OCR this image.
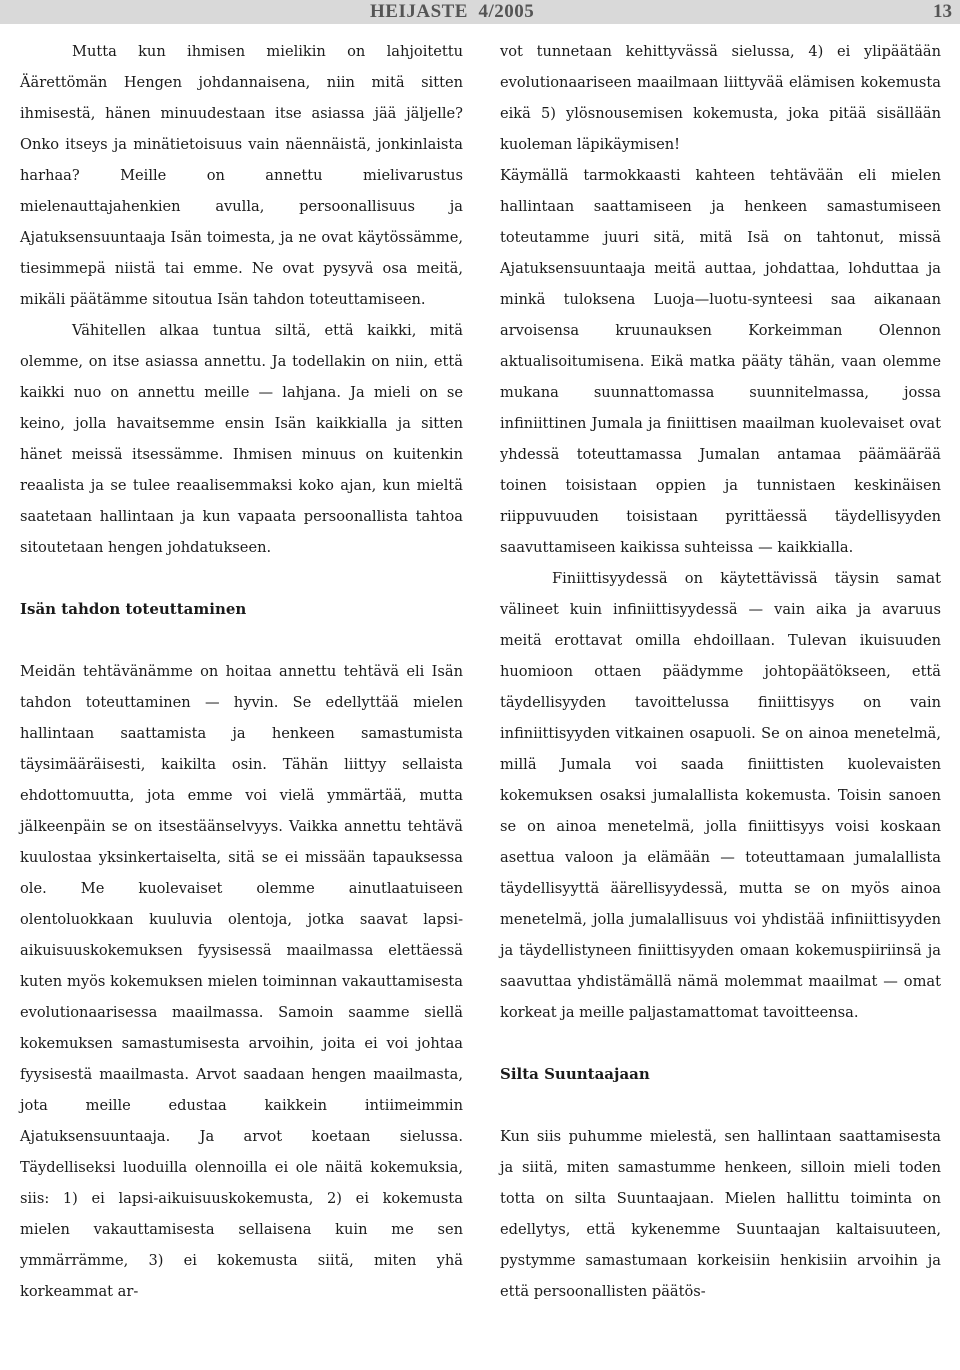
HEIJASTE  4/2005	13

Mutta kun ihmisen mielikin on lahjoitettu Äärettömän Hengen johdannaisena, niin mitä sitten ihmisestä, hänen minuudestaan itse asiassa jää jäljelle? Onko itseys ja minätietoisuus vain näennäistä, jonkinlaista harhaa? Meille on annettu mielivarustus mielenauttajahenkien avulla, persoonallisuus ja Ajatuksensuuntaaja Isän toimesta, ja ne ovat käytössämme, tiesimmepä niistä tai emme. Ne ovat pysyvä osa meitä, mikäli päätämme sitoutua Isän tahdon toteuttamiseen.

Vähitellen alkaa tuntua siltä, että kaikki, mitä olemme, on itse asiassa annettu. Ja todellakin on niin, että kaikki nuo on annettu meille — lahjana. Ja mieli on se keino, jolla havaitsemme ensin Isän kaikkialla ja sitten hänet meissä itsessämme. Ihmisen minuus on kuitenkin reaalista ja se tulee reaalisemmaksi koko ajan, kun mieltä saatetaan hallintaan ja kun vapaata persoonallista tahtoa sitoutetaan hengen johdatukseen.

Isän tahdon toteuttaminen

Meidän tehtävänämme on hoitaa annettu tehtävä eli Isän tahdon toteuttaminen — hyvin. Se edellyttää mielen hallintaan saattamista ja henkeen samastumista täysimääräisesti, kaikilta osin. Tähän liittyy sellaista ehdottomuutta, jota emme voi vielä ymmärtää, mutta jälkeenpäin se on itsestäänselvyys. Vaikka annettu tehtävä kuulostaa yksinkertaiselta, sitä se ei missään tapauksessa ole. Me kuolevaiset olemme ainutlaatuiseen olentoluokkaan kuuluvia olentoja, jotka saavat lapsi-aikuisuuskokemuksen fyysisessä maailmassa elettäessä kuten myös kokemuksen mielen toiminnan vakauttamisesta evolutionaarisessa maailmassa. Samoin saamme siellä kokemuksen samastumisesta arvoihin, joita ei voi johtaa fyysisestä maailmasta. Arvot saadaan hengen maailmasta, jota meille edustaa kaikkein intiimeimmin Ajatuksensuuntaaja. Ja arvot koetaan sielussa. Täydelliseksi luoduilla olennoilla ei ole näitä kokemuksia, siis: 1) ei lapsi-aikuisuuskokemusta, 2) ei kokemusta mielen vakauttamisesta sellaisena kuin me sen ymmärrämme, 3) ei kokemusta siitä, miten yhä korkeammat ar-

vot tunnetaan kehittyvässä sielussa, 4) ei ylipäätään evolutionaariseen maailmaan liittyvää elämisen kokemusta eikä 5) ylösnousemisen kokemusta, joka pitää sisällään kuoleman läpikäymisen!

Käymällä tarmokkaasti kahteen tehtävään eli mielen hallintaan saattamiseen ja henkeen samastumiseen toteutamme juuri sitä, mitä Isä on tahtonut, missä Ajatuksensuuntaaja meitä auttaa, johdattaa, lohduttaa ja minkä tuloksena Luoja—luotu-synteesi saa aikanaan arvoisensa kruunauksen Korkeimman Olennon aktualisoitumisena. Eikä matka pääty tähän, vaan olemme mukana suunnattomassa suunnitelmassa, jossa infiniittinen Jumala ja finiittisen maailman kuolevaiset ovat yhdessä toteuttamassa Jumalan antamaa päämäärää toinen toisistaan oppien ja tunnistaen keskinäisen riippuvuuden toisistaan pyrittäessä täydellisyyden saavuttamiseen kaikissa suhteissa — kaikkialla.

Finiittisyydessä on käytettävissä täysin samat välineet kuin infiniittisyydessä — vain aika ja avaruus meitä erottavat omilla ehdoillaan. Tulevan ikuisuuden huomioon ottaen päädymme johtopäätökseen, että täydellisyyden tavoittelussa finiittisyys on vain infiniittisyyden vitkainen osapuoli. Se on ainoa menetelmä, millä Jumala voi saada finiittisten kuolevaisten kokemuksen osaksi jumalallista kokemusta. Toisin sanoen se on ainoa menetelmä, jolla finiittisyys voisi koskaan asettua valoon ja elämään — toteuttamaan jumalallista täydellisyyttä äärellisyydessä, mutta se on myös ainoa menetelmä, jolla jumalallisuus voi yhdistää infiniittisyyden ja täydellistyneen finiittisyyden omaan kokemuspiiriinsä ja saavuttaa yhdistämällä nämä molemmat maailmat — omat korkeat ja meille paljastamattomat tavoitteensa.

Silta Suuntaajaan

Kun siis puhumme mielestä, sen hallintaan saattamisesta ja siitä, miten samastumme henkeen, silloin mieli toden totta on silta Suuntaajaan. Mielen hallittu toiminta on edellytys, että kykenemme Suuntaajan kaltaisuuteen, pystymme samastumaan korkeisiin henkisiin arvoihin ja että persoonallisten päätös-
